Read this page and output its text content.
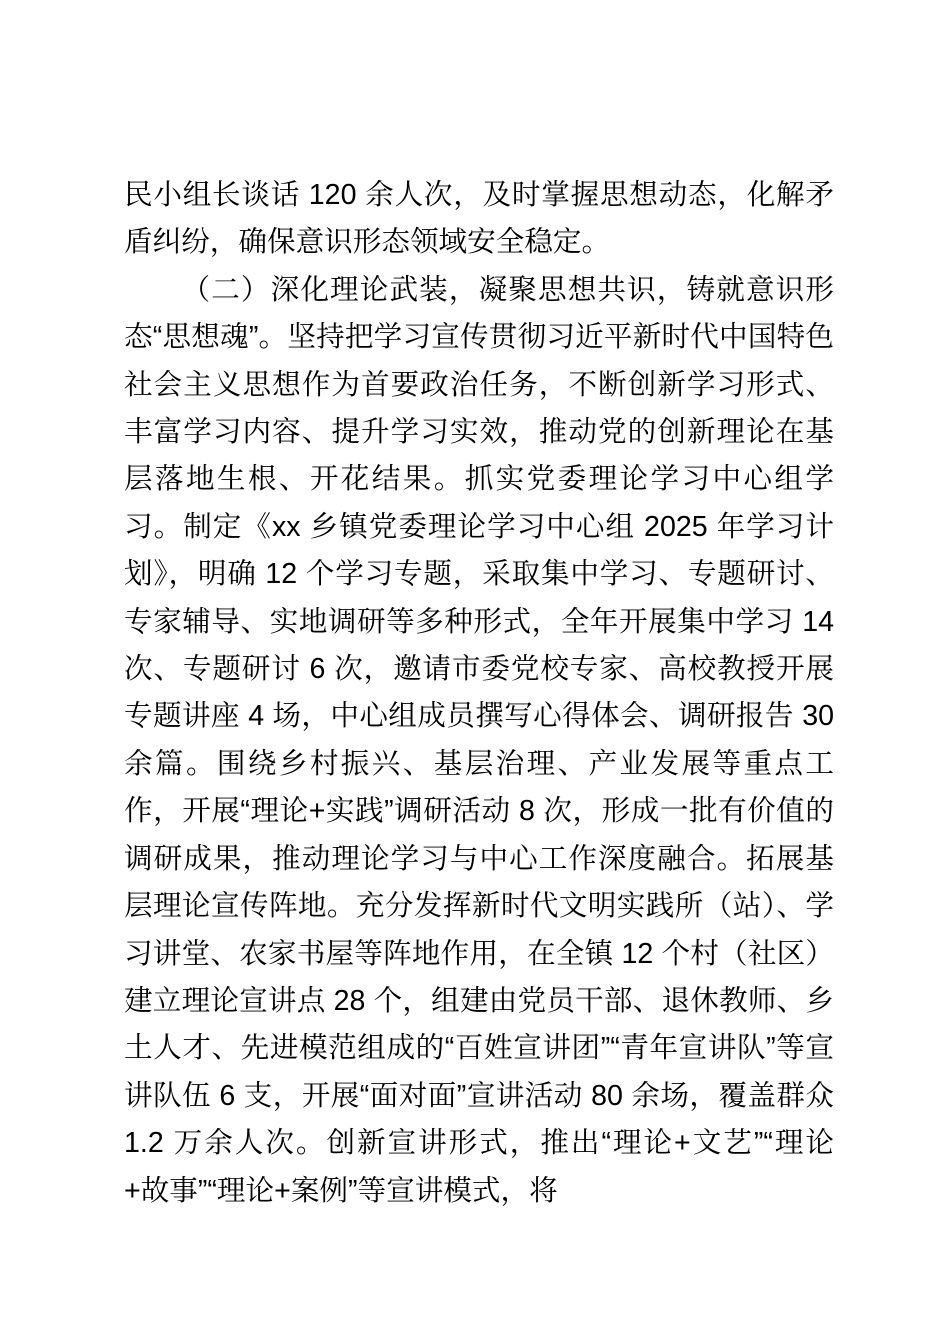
民小组长谈话 120 余人次，及时掌握思想动态，化解矛盾纠纷，确保意识形态领域安全稳定。

（二）深化理论武装，凝聚思想共识，铸就意识形态“思想魂”。坚持把学习宣传贯彻习近平新时代中国特色社会主义思想作为首要政治任务，不断创新学习形式、丰富学习内容、提升学习实效，推动党的创新理论在基层落地生根、开花结果。抓实党委理论学习中心组学习。制定《xx 乡镇党委理论学习中心组 2025 年学习计划》，明确 12 个学习专题，采取集中学习、专题研讨、专家辅导、实地调研等多种形式，全年开展集中学习 14 次、专题研讨 6 次，邀请市委党校专家、高校教授开展专题讲座 4 场，中心组成员撰写心得体会、调研报告 30 余篇。围绕乡村振兴、基层治理、产业发展等重点工作，开展“理论+实践”调研活动 8 次，形成一批有价值的调研成果，推动理论学习与中心工作深度融合。拓展基层理论宣传阵地。充分发挥新时代文明实践所（站）、学习讲堂、农家书屋等阵地作用，在全镇 12 个村（社区）建立理论宣讲点 28 个，组建由党员干部、退休教师、乡土人才、先进模范组成的“百姓宣讲团”“青年宣讲队”等宣讲队伍 6 支，开展“面对面”宣讲活动 80 余场，覆盖群众 1.2 万余人次。创新宣讲形式，推出“理论+文艺”“理论+故事”“理论+案例”等宣讲模式，将
